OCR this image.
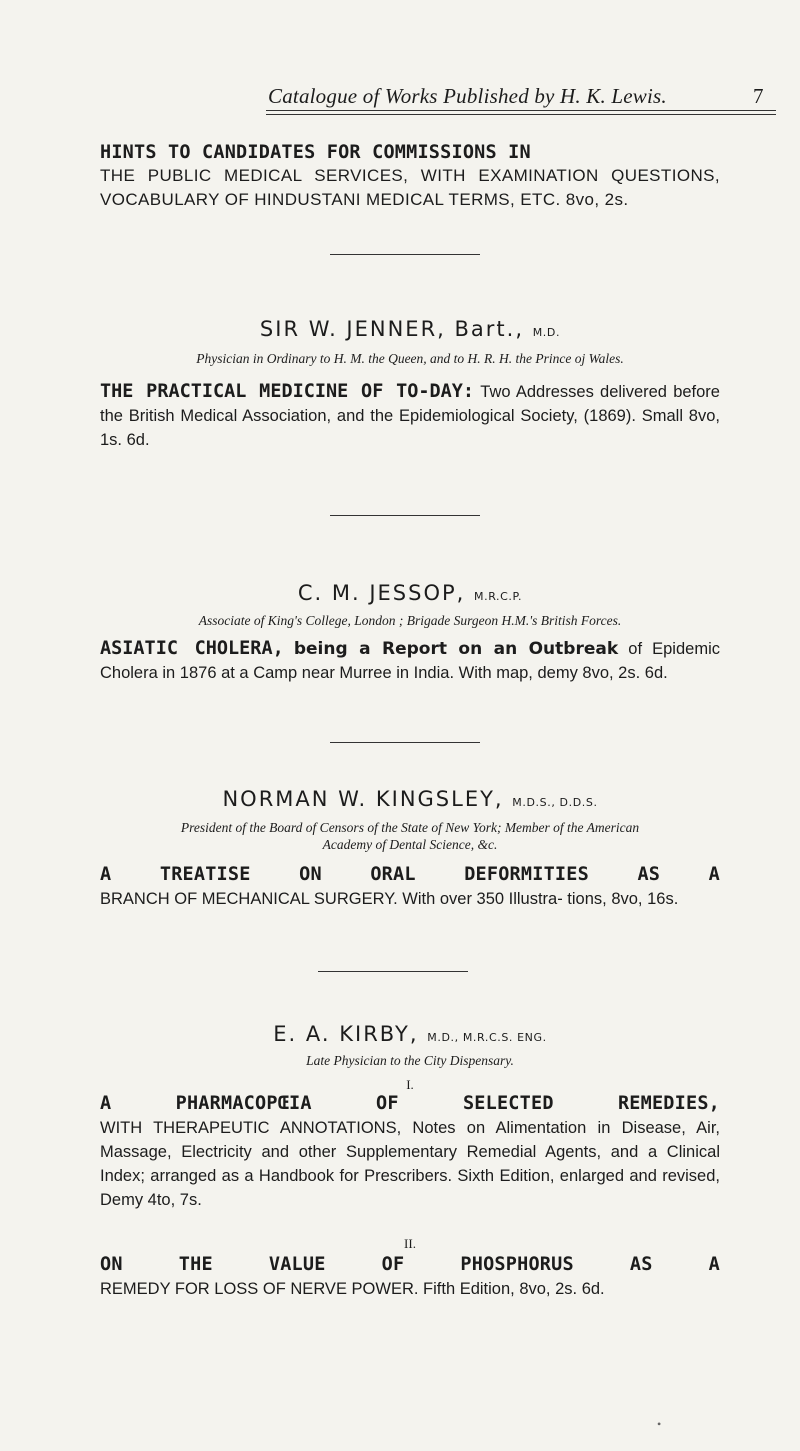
Catalogue of Works Published by H. K. Lewis.	7
HINTS TO CANDIDATES FOR COMMISSIONS IN
THE PUBLIC MEDICAL SERVICES, WITH EXAMINATION QUESTIONS, VOCABULARY OF HINDUSTANI MEDICAL TERMS, ETC. 8vo, 2s.
SIR W. JENNER, Bart., M.D.
Physician in Ordinary to H. M. the Queen, and to H. R. H. the Prince oj Wales.
THE PRACTICAL MEDICINE OF TO-DAY: Two Addresses delivered before the British Medical Association, and the Epidemiological Society, (1869). Small 8vo, 1s. 6d.
C. M. JESSOP, M.R.C.P.
Associate of King's College, London ; Brigade Surgeon H.M.'s British Forces.
ASIATIC CHOLERA, being a Report on an Outbreak of Epidemic Cholera in 1876 at a Camp near Murree in India. With map, demy 8vo, 2s. 6d.
NORMAN W. KINGSLEY, M.D.S., D.D.S.
President of the Board of Censors of the State of New York; Member of the American
Academy of Dental Science, &c.
A TREATISE ON ORAL DEFORMITIES AS A
BRANCH OF MECHANICAL SURGERY. With over 350 Illustra- tions, 8vo, 16s.
E. A. KIRBY, M.D., M.R.C.S. ENG.
Late Physician to the City Dispensary.
I.
A PHARMACOPŒIA OF SELECTED REMEDIES,
WITH THERAPEUTIC ANNOTATIONS, Notes on Alimentation in Disease, Air, Massage, Electricity and other Supplementary Remedial Agents, and a Clinical Index; arranged as a Handbook for Prescribers. Sixth Edition, enlarged and revised, Demy 4to, 7s.
II.
ON THE VALUE OF PHOSPHORUS AS A
REMEDY FOR LOSS OF NERVE POWER. Fifth Edition, 8vo, 2s. 6d.
•
